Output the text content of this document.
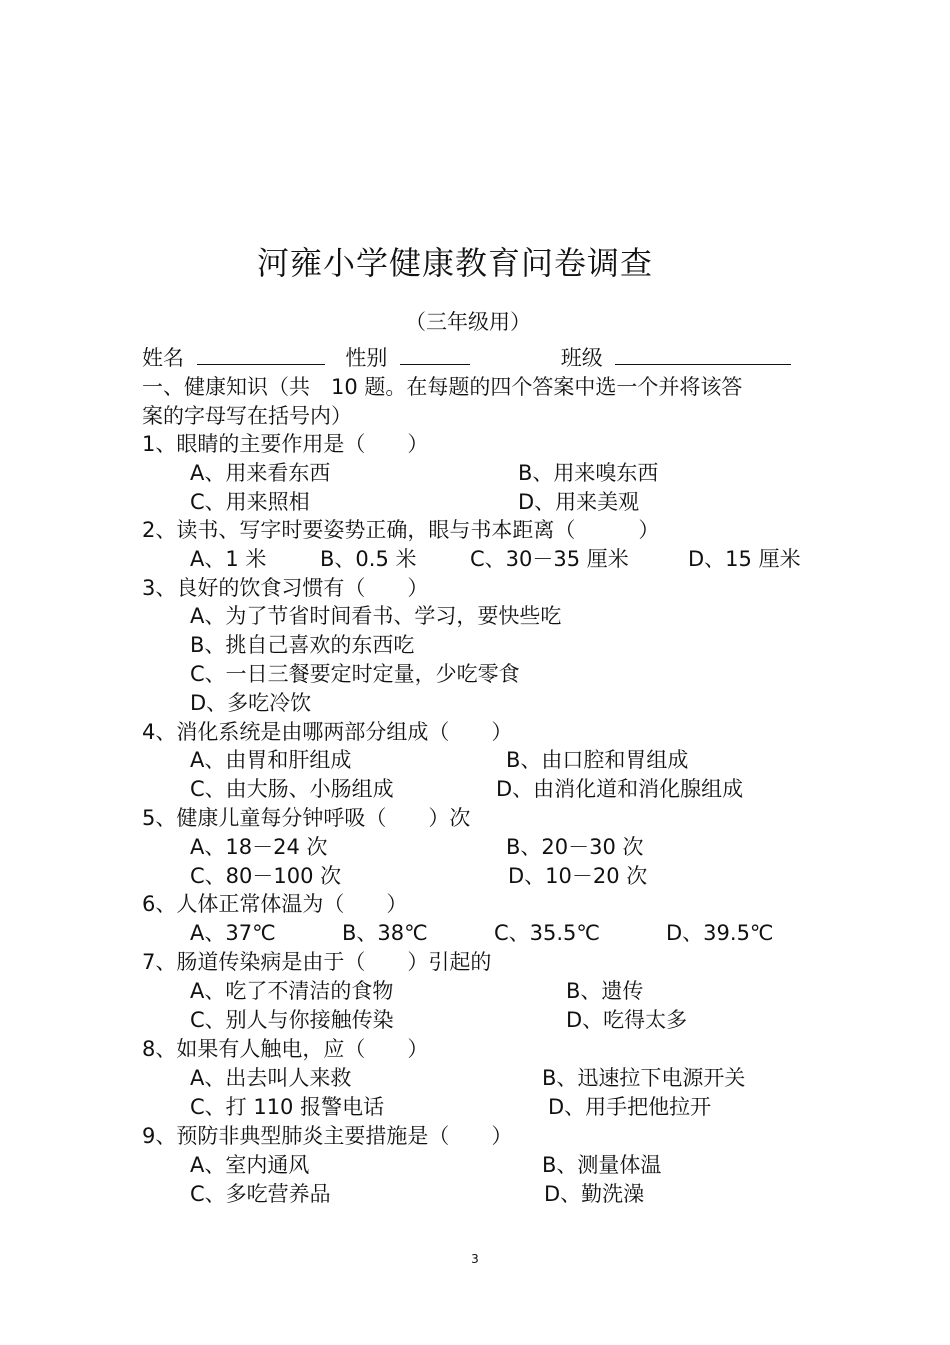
河雍小学健康教育问卷调查
（三年级用）
姓名	性别	班级
一、健康知识（共　10 题。在每题的四个答案中选一个并将该答
案的字母写在括号内）
1、眼睛的主要作用是（　　）
A、用来看东西	B、用来嗅东西
C、用来照相	D、用来美观
2、读书、写字时要姿势正确，眼与书本距离（　　　）
A、1 米	B、0.5 米	C、30－35 厘米	D、15 厘米
3、良好的饮食习惯有（　　）
A、为了节省时间看书、学习，要快些吃
B、挑自己喜欢的东西吃
C、一日三餐要定时定量，少吃零食
D、多吃冷饮
4、消化系统是由哪两部分组成（　　）
A、由胃和肝组成	B、由口腔和胃组成
C、由大肠、小肠组成	D、由消化道和消化腺组成
5、健康儿童每分钟呼吸（　　）次
A、18－24 次	B、20－30 次
C、80－100 次	D、10－20 次
6、人体正常体温为（　　）
A、37℃	B、38℃	C、35.5℃	D、39.5℃
7、肠道传染病是由于（　　）引起的
A、吃了不清洁的食物	B、遗传
C、别人与你接触传染	D、吃得太多
8、如果有人触电，应（　　）
A、出去叫人来救	B、迅速拉下电源开关
C、打 110 报警电话	D、用手把他拉开
9、预防非典型肺炎主要措施是（　　）
A、室内通风	B、测量体温
C、多吃营养品	D、勤洗澡
3
